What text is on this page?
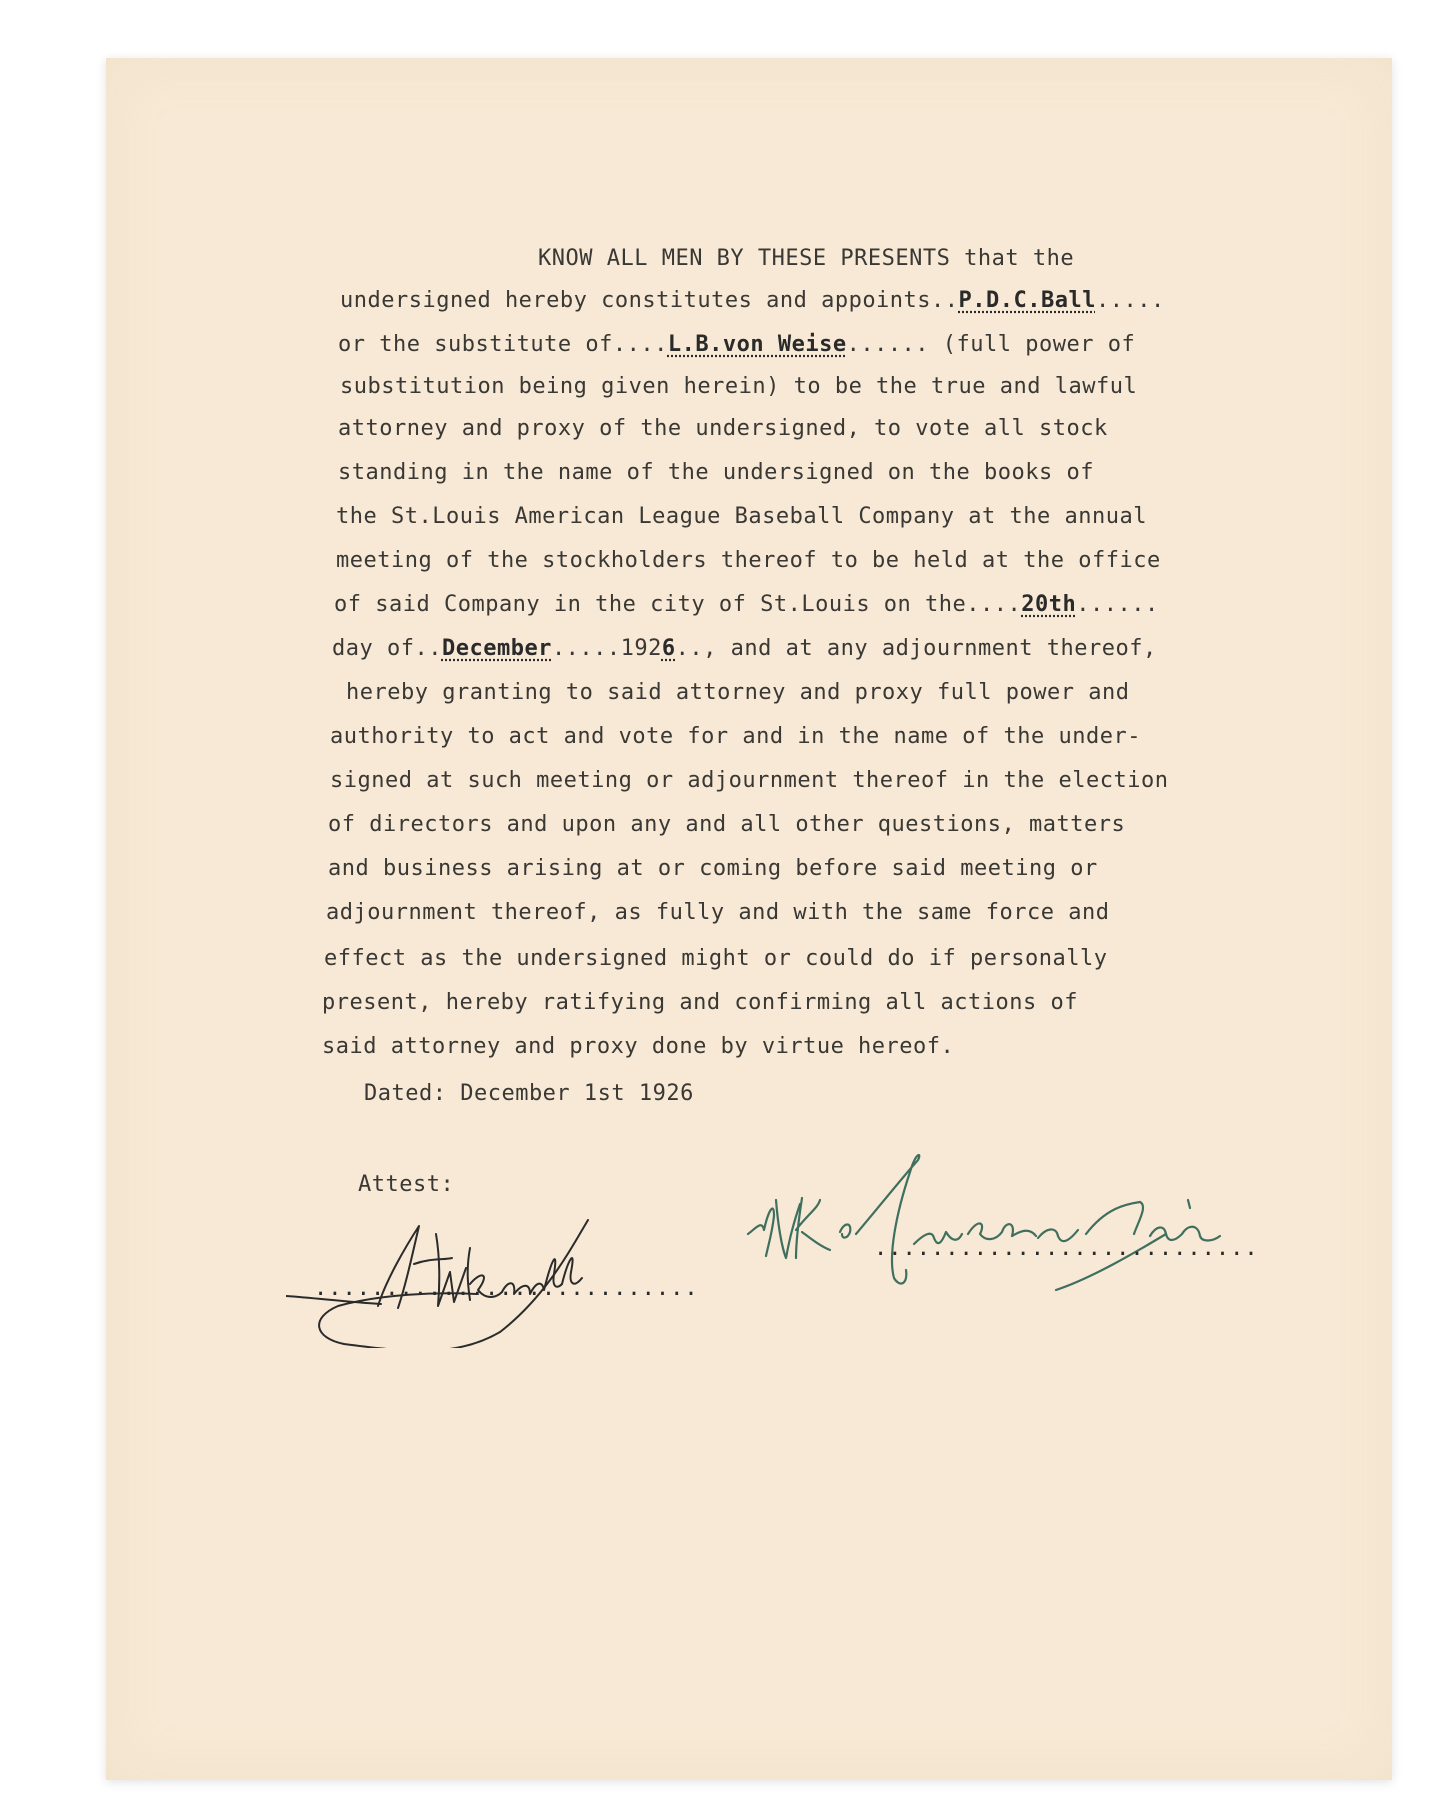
KNOW ALL MEN BY THESE PRESENTS that the
undersigned hereby constitutes and appoints..P.D.C.Ball.....
or the substitute of....L.B.von Weise...... (full power of
substitution being given herein) to be the true and lawful
attorney and proxy of the undersigned, to vote all stock
standing in the name of the undersigned on the books of
the St.Louis American League Baseball Company at the annual
meeting of the stockholders thereof to be held at the office
of said Company in the city of St.Louis on the....20th......
day of..December.....1926.., and at any adjournment thereof,
hereby granting to said attorney and proxy full power and
authority to act and vote for and in the name of the under-
signed at such meeting or adjournment thereof in the election
of directors and upon any and all other questions, matters
and business arising at or coming before said meeting or
adjournment thereof, as fully and with the same force and
effect as the undersigned might or could do if personally
present, hereby ratifying and confirming all actions of
said attorney and proxy done by virtue hereof.
Dated: December 1st 1926
Attest:
...........................
...........................
